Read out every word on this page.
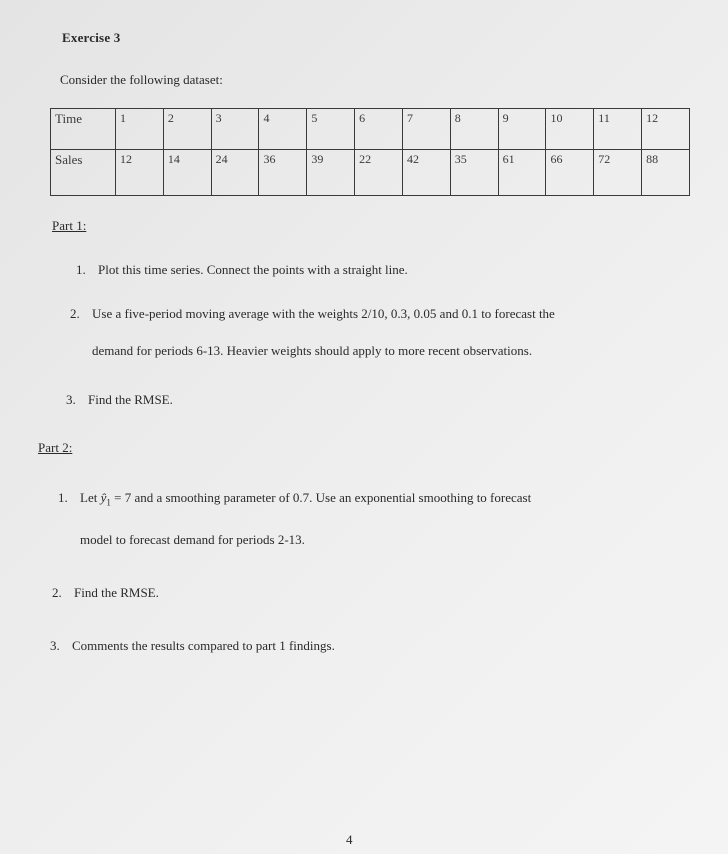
Exercise 3
Consider the following dataset:
Time	1	2	3	4	5	6	7	8	9	10	11	12
Sales	12	14	24	36	39	22	42	35	61	66	72	88
Part 1:
1. Plot this time series. Connect the points with a straight line.
2. Use a five-period moving average with the weights 2/10, 0.3, 0.05 and 0.1 to forecast the
demand for periods 6-13. Heavier weights should apply to more recent observations.
3. Find the RMSE.
Part 2:
1. Let $ŷ_1 = 7$ and a smoothing parameter of 0.7. Use an exponential smoothing to forecast
model to forecast demand for periods 2-13.
2. Find the RMSE.
3. Comments the results compared to part 1 findings.
4
